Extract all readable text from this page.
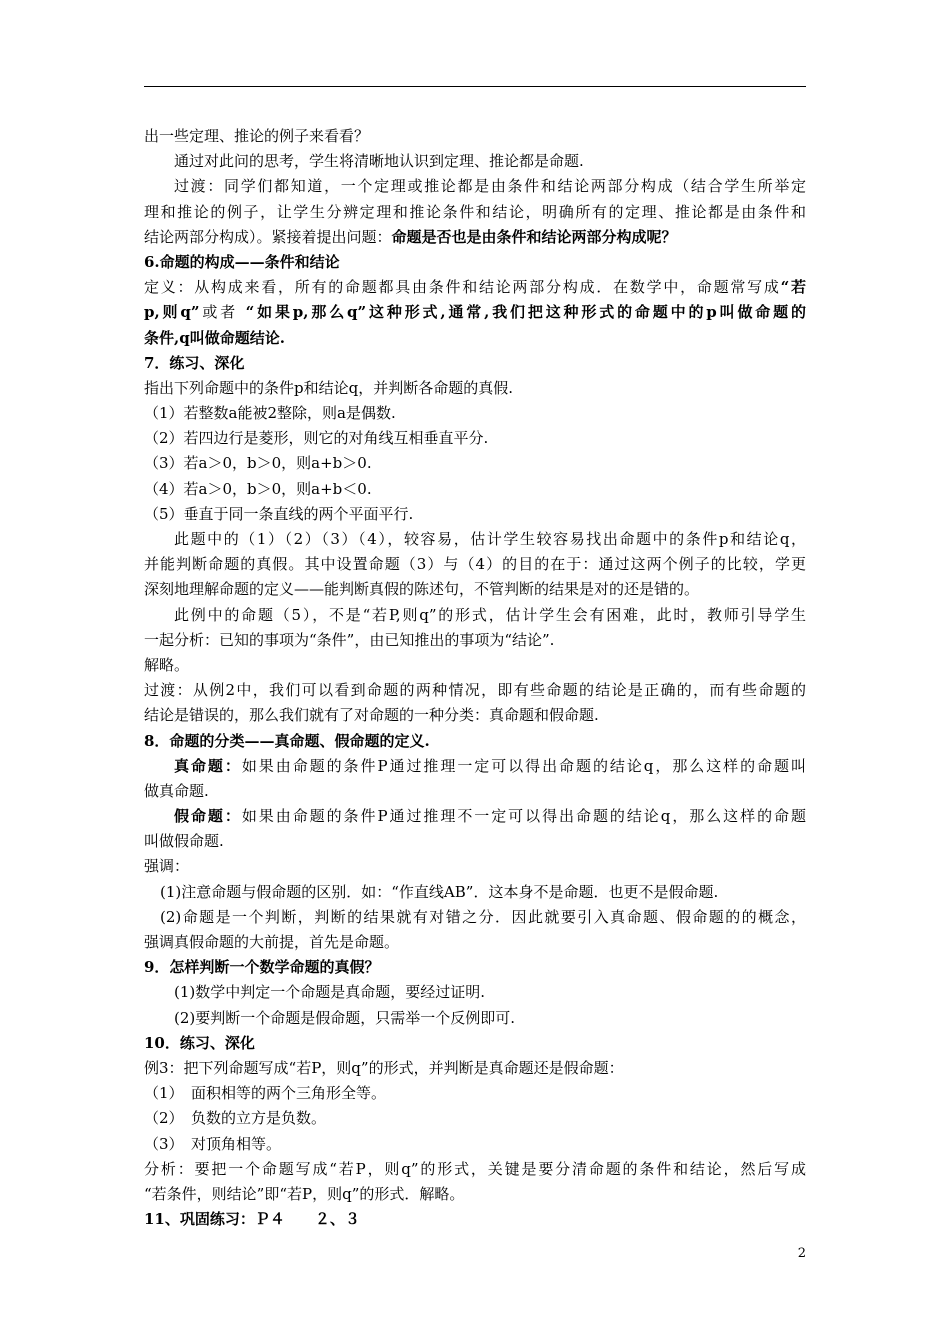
出一些定理、推论的例子来看看？
通过对此问的思考，学生将清晰地认识到定理、推论都是命题.
过渡：同学们都知道，一个定理或推论都是由条件和结论两部分构成（结合学生所举定
理和推论的例子，让学生分辨定理和推论条件和结论，明确所有的定理、推论都是由条件和
结论两部分构成）。紧接着提出问题：命题是否也是由条件和结论两部分构成呢？
6.命题的构成——条件和结论
定义：从构成来看，所有的命题都具由条件和结论两部分构成．在数学中，命题常写成“若
p,则q”或者 “如果p,那么q”这种形式,通常,我们把这种形式的命题中的p叫做命题的
条件,q叫做命题结论.
7．练习、深化
指出下列命题中的条件p和结论q，并判断各命题的真假.
（1）若整数a能被2整除，则a是偶数.
（2）若四边行是菱形，则它的对角线互相垂直平分.
（3）若a＞0，b＞0，则a+b＞0.
（4）若a＞0，b＞0，则a+b＜0.
（5）垂直于同一条直线的两个平面平行.
此题中的（1）（2）（3）（4），较容易，估计学生较容易找出命题中的条件p和结论q，
并能判断命题的真假。其中设置命题（3）与（4）的目的在于：通过这两个例子的比较，学更
深刻地理解命题的定义——能判断真假的陈述句，不管判断的结果是对的还是错的。
此例中的命题（5），不是“若P,则q”的形式，估计学生会有困难，此时，教师引导学生
一起分析：已知的事项为“条件”，由已知推出的事项为“结论”.
解略。
过渡：从例2中，我们可以看到命题的两种情况，即有些命题的结论是正确的，而有些命题的
结论是错误的，那么我们就有了对命题的一种分类：真命题和假命题.
8．命题的分类——真命题、假命题的定义.
真命题：如果由命题的条件P通过推理一定可以得出命题的结论q，那么这样的命题叫
做真命题.
假命题：如果由命题的条件P通过推理不一定可以得出命题的结论q，那么这样的命题
叫做假命题.
强调：
(1)注意命题与假命题的区别．如：“作直线AB”．这本身不是命题．也更不是假命题.
(2)命题是一个判断，判断的结果就有对错之分．因此就要引入真命题、假命题的的概念，
强调真假命题的大前提，首先是命题。
9．怎样判断一个数学命题的真假？
(1)数学中判定一个命题是真命题，要经过证明.
(2)要判断一个命题是假命题，只需举一个反例即可.
10．练习、深化
例3：把下列命题写成“若P，则q”的形式，并判断是真命题还是假命题：
（1）　面积相等的两个三角形全等。
（2）　负数的立方是负数。
（3）　对顶角相等。
分析：要把一个命题写成“若P，则q”的形式，关键是要分清命题的条件和结论，然后写成
“若条件，则结论”即“若P，则q”的形式．解略。
11、巩固练习：Ｐ４　　２、３
2
